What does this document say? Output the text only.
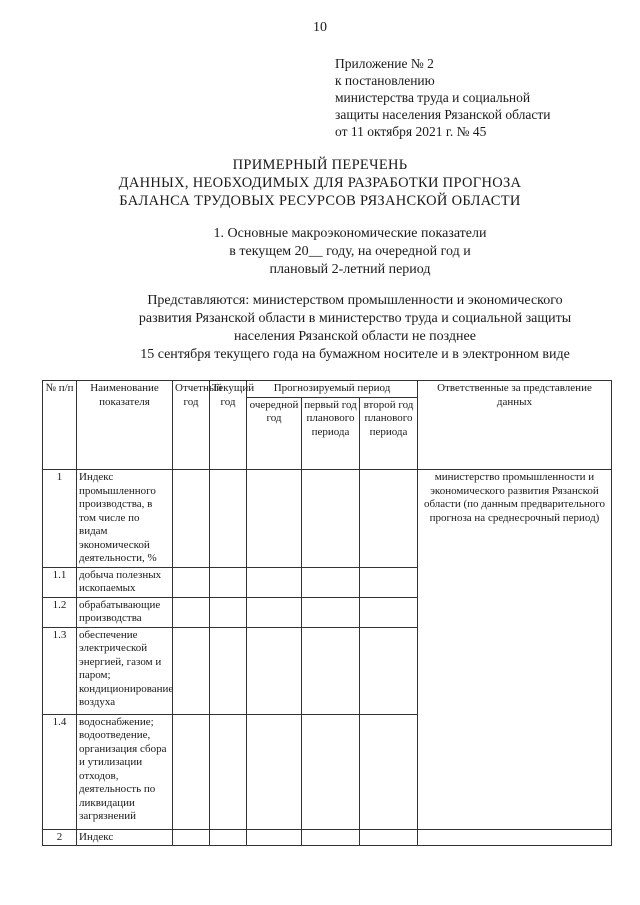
10
Приложение № 2
к постановлению
министерства труда и социальной
защиты населения Рязанской области
от 11 октября 2021 г. № 45
ПРИМЕРНЫЙ ПЕРЕЧЕНЬ
ДАННЫХ, НЕОБХОДИМЫХ ДЛЯ РАЗРАБОТКИ ПРОГНОЗА
БАЛАНСА ТРУДОВЫХ РЕСУРСОВ РЯЗАНСКОЙ ОБЛАСТИ
1. Основные макроэкономические показатели
в текущем 20__ году, на очередной год и
плановый 2-летний период
Представляются: министерством промышленности и экономического
развития Рязанской области в министерство труда и социальной защиты
населения Рязанской области не позднее
15 сентября текущего года на бумажном носителе и в электронном виде
№ п/п	Наименование показателя	Отчетный год	Текущий год	Прогнозируемый период			Ответственные за представление данных
				очередной год	первый год планового периода	второй год планового периода	
1	Индекс промышленного производства, в том числе по видам экономической деятельности, %						министерство промышленности и экономического развития Рязанской области (по данным предварительного прогноза на среднесрочный период)
1.1	добыча полезных ископаемых						
1.2	обрабатывающие производства						
1.3	обеспечение электрической энергией, газом и паром; кондиционирование воздуха						
1.4	водоснабжение; водоотведение, организация сбора и утилизации отходов, деятельность по ликвидации загрязнений						
2	Индекс						
